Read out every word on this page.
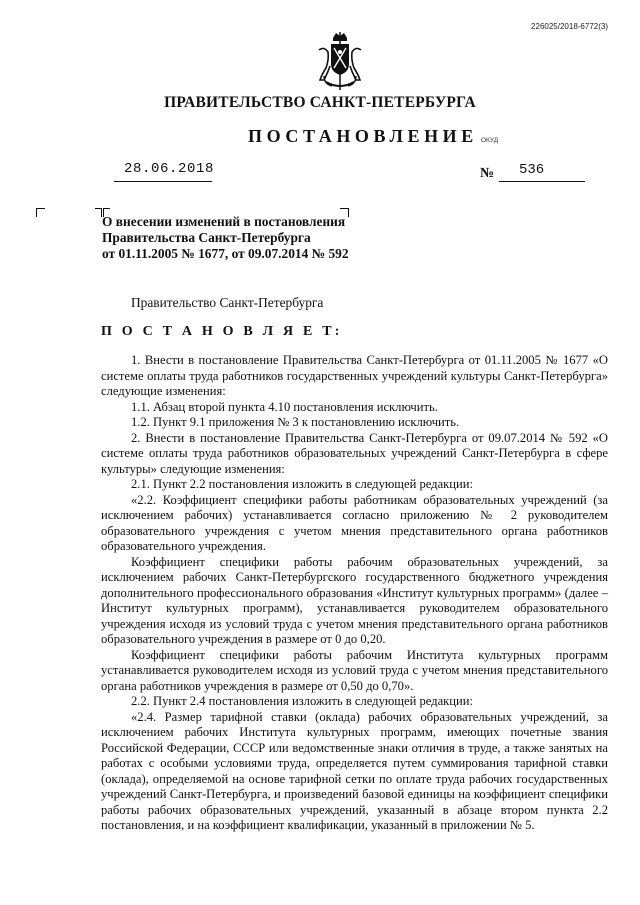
226025/2018-6772(3)
ПРАВИТЕЛЬСТВО САНКТ-ПЕТЕРБУРГА
ПОСТАНОВЛЕНИЕ ОКУД
28.06.2018	№ 536
О внесении изменений в постановления
Правительства Санкт-Петербурга
от 01.11.2005 № 1677, от 09.07.2014 № 592
Правительство Санкт-Петербурга
П О С Т А Н О В Л Я Е Т:

1. Внести в постановление Правительства Санкт-Петербурга от 01.11.2005 № 1677 «О системе оплаты труда работников государственных учреждений культуры Санкт-Петербурга» следующие изменения:

1.1. Абзац второй пункта 4.10 постановления исключить.

1.2. Пункт 9.1 приложения № 3 к постановлению исключить.

2. Внести в постановление Правительства Санкт-Петербурга от 09.07.2014 № 592 «О системе оплаты труда работников образовательных учреждений Санкт-Петербурга в сфере культуры» следующие изменения:

2.1. Пункт 2.2 постановления изложить в следующей редакции:

«2.2. Коэффициент специфики работы работникам образовательных учреждений (за исключением рабочих) устанавливается согласно приложению № 2 руководителем образовательного учреждения с учетом мнения представительного органа работников образовательного учреждения.

Коэффициент специфики работы рабочим образовательных учреждений, за исключением рабочих Санкт-Петербургского государственного бюджетного учреждения дополнительного профессионального образования «Институт культурных программ» (далее – Институт культурных программ), устанавливается руководителем образовательного учреждения исходя из условий труда с учетом мнения представительного органа работников образовательного учреждения в размере от 0 до 0,20.

Коэффициент специфики работы рабочим Института культурных программ устанавливается руководителем исходя из условий труда с учетом мнения представительного органа работников учреждения в размере от 0,50 до 0,70».

2.2. Пункт 2.4 постановления изложить в следующей редакции:

«2.4. Размер тарифной ставки (оклада) рабочих образовательных учреждений, за исключением рабочих Института культурных программ, имеющих почетные звания Российской Федерации, СССР или ведомственные знаки отличия в труде, а также занятых на работах с особыми условиями труда, определяется путем суммирования тарифной ставки (оклада), определяемой на основе тарифной сетки по оплате труда рабочих государственных учреждений Санкт-Петербурга, и произведений базовой единицы на коэффициент специфики работы рабочих образовательных учреждений, указанный в абзаце втором пункта 2.2 постановления, и на коэффициент квалификации, указанный в приложении № 5.
